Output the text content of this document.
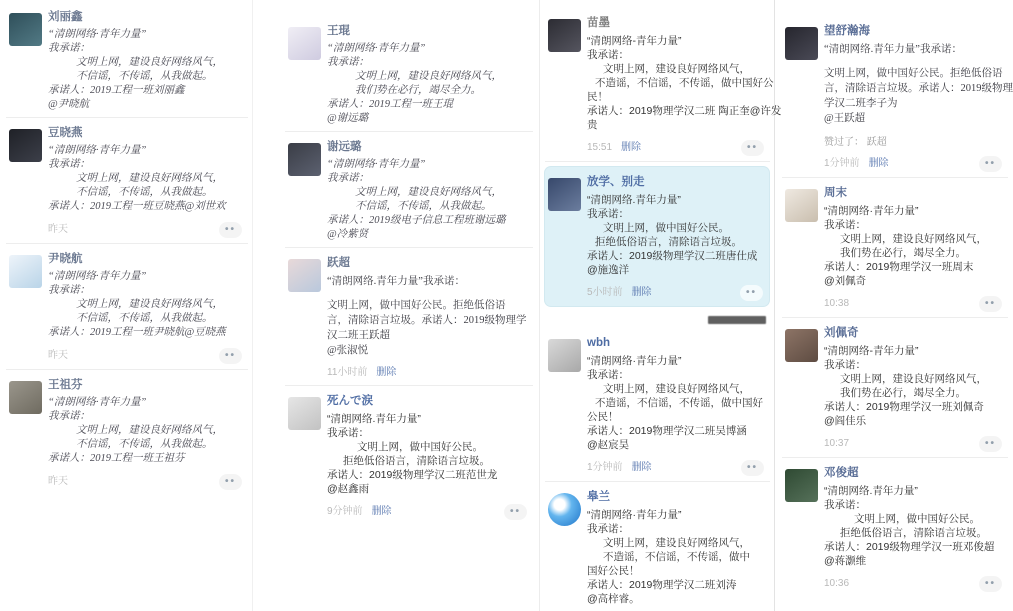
刘丽鑫
“清朗网络·青年力量”
我承诺：
文明上网，建设良好网络风气，
不信谣，不传谣，从我做起。
承诺人：2019工程一班刘丽鑫
@尹晓航
豆晓燕
“清朗网络·青年力量”
我承诺：
文明上网，建设良好网络风气，
不信谣，不传谣，从我做起。
承诺人：2019工程一班豆晓燕@刘世欢
昨天	••
尹晓航
“清朗网络·青年力量”
我承诺：
文明上网，建设良好网络风气，
不信谣，不传谣，从我做起。
承诺人：2019工程一班尹晓航@豆晓燕
昨天	••
王祖芬
“清朗网络·青年力量”
我承诺：
文明上网，建设良好网络风气，
不信谣，不传谣，从我做起。
承诺人：2019工程一班王祖芬
昨天	••
王琨
“清朗网络·青年力量”
我承诺：
文明上网，建设良好网络风气，
我们势在必行，竭尽全力。
承诺人：2019工程一班王琨
@谢远璐
谢远璐
“清朗网络·青年力量”
我承诺：
文明上网，建设良好网络风气，
不信谣，不传谣，从我做起。
承诺人：2019级电子信息工程班谢远璐
@冷紫贤
跃超
“清朗网络.青年力量”我承诺：
文明上网，做中国好公民。拒绝低俗语
言，清除语言垃圾。承诺人：2019级物理学
汉二班王跃超
@张淑悦
11小时前 删除
死んで涙
“清朗网络.青年力量”
我承诺：
文明上网，做中国好公民。
拒绝低俗语言，清除语言垃圾。
承诺人：2019级物理学汉二班范世龙
@赵鑫雨
9分钟前 删除	••
苗墨
“清朗网络-青年力量”
我承诺：
文明上网，建设良好网络风气，
不造谣，不信谣，不传谣，做中国好公
民！
承诺人：2019物理学汉二班 陶正奎@许发
贵
15:51 删除	••
放学、别走
“清朗网络.青年力量”
我承诺：
文明上网，做中国好公民。
拒绝低俗语言，清除语言垃圾。
承诺人：2019级物理学汉二班唐仕成
@施逸洋
5小时前 删除	••
wbh
“清朗网络·青年力量”
我承诺：
文明上网，建设良好网络风气，
不造谣，不信谣，不传谣，做中国好
公民！
承诺人：2019物理学汉二班吴博涵
@赵宸昊
1分钟前 删除	••
皋兰
“清朗网络·青年力量”
我承诺：
文明上网，建设良好网络风气，
不造谣，不信谣，不传谣，做中
国好公民！
承诺人：2019物理学汉二班刘涛
@高梓睿。
望舒瀚海
“清朗网络.青年力量”我承诺：
文明上网，做中国好公民。拒绝低俗语
言，清除语言垃圾。承诺人：2019级物理
学汉二班李子为
@王跃超
赞过了： 跃超
1分钟前 删除	••
周末
“清朗网络·青年力量”
我承诺：
文明上网，建设良好网络风气，
我们势在必行，竭尽全力。
承诺人：2019物理学汉一班周末
@刘佩奇
10:38	••
刘佩奇
“清朗网络-青年力量”
我承诺：
文明上网，建设良好网络风气，
我们势在必行，竭尽全力。
承诺人：2019物理学汉一班刘佩奇
@阎佳乐
10:37	••
邓俊超
“清朗网络.青年力量”
我承诺：
文明上网，做中国好公民。
拒绝低俗语言，清除语言垃圾。
承诺人：2019级物理学汉一班邓俊超
@蒋灏维
10:36	••
